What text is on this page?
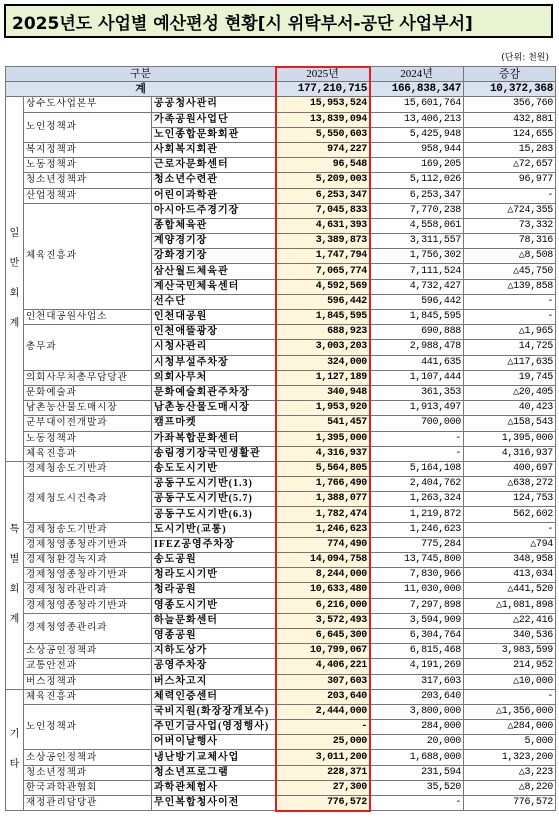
2025년도 사업별 예산편성 현황[시 위탁부서-공단 사업부서]
(단위: 천원)
구분			2025년	2024년	증감
계			177,210,715	166,838,347	10,372,368

일반회계	상수도사업본부	공공청사관리	15,953,524	15,601,764	356,760
	노인정책과	가족공원사업단	13,839,094	13,406,213	432,881
		노인종합문화회관	5,550,603	5,425,948	124,655
	복지정책과	사회복지회관	974,227	958,944	15,283
	노동정책과	근로자문화센터	96,548	169,205	△72,657
	청소년정책과	청소년수련관	5,209,003	5,112,026	96,977
	산업정책과	어린이과학관	6,253,347	6,253,347	-
	체육진흥과	아시아드주경기장	7,045,833	7,770,238	△724,355
		종합체육관	4,631,393	4,558,061	73,332
		계양경기장	3,389,873	3,311,557	78,316
		강화경기장	1,747,794	1,756,302	△8,508
		삼산월드체육관	7,065,774	7,111,524	△45,750
		계산국민체육센터	4,592,569	4,732,427	△139,858
		선수단	596,442	596,442	-
	인천대공원사업소	인천대공원	1,845,595	1,845,595	-
	총무과	인천애뜰광장	688,923	690,888	△1,965
		시청사관리	3,003,203	2,988,478	14,725
		시청부설주차장	324,000	441,635	△117,635
	의회사무처총무담당관	의회사무처	1,127,189	1,107,444	19,745
	문화예술과	문화예술회관주차장	340,948	361,353	△20,405
	남촌농산물도매시장	남촌농산물도매시장	1,953,920	1,913,497	40,423
	군부대이전개발과	캠프마켓	541,457	700,000	△158,543
	노동정책과	가좌복합문화센터	1,395,000	-	1,395,000
	체육진흥과	송림경기장국민생활관	4,316,937	-	4,316,937

특별회계	경제청송도기반과	송도도시기반	5,564,805	5,164,108	400,697
	경제청도시건축과	공동구도시기반(1.3)	1,766,490	2,404,762	△638,272
		공동구도시기반(5.7)	1,388,077	1,263,324	124,753
		공동구도시기반(6.3)	1,782,474	1,219,872	562,602
	경제청송도기반과	도시기반(교통)	1,246,623	1,246,623	-
	경제청영종청라기반과	IFEZ공영주차장	774,490	775,284	△794
	경제청환경녹지과	송도공원	14,094,758	13,745,800	348,958
	경제청영종청라기반과	청라도시기반	8,244,000	7,830,966	413,034
	경제청청라관리과	청라공원	10,633,480	11,030,000	△441,520
	경제청영종청라기반과	영종도시기반	6,216,000	7,297,898	△1,081,898
	경제청영종관리과	하늘문화센터	3,572,493	3,594,909	△22,416
		영종공원	6,645,300	6,304,764	340,536
	소상공인정책과	지하도상가	10,799,067	6,815,468	3,983,599
	교통안전과	공영주차장	4,406,221	4,191,269	214,952
	버스정책과	버스차고지	307,603	317,603	△10,000

기타	체육진흥과	체력인증센터	203,640	203,640	-
	노인정책과	국비지원(화장장개보수)	2,444,000	3,800,000	△1,356,000
		주민기금사업(영정행사)	-	284,000	△284,000
		어버이날행사	25,000	20,000	5,000
	소상공인정책과	냉난방기교체사업	3,011,200	1,688,000	1,323,200
	청소년정책과	청소년프로그램	228,371	231,594	△3,223
	한국과학관협회	과학관체험사	27,300	35,520	△8,220
	재정관리담당관	무인복합청사이전	776,572	-	776,572
